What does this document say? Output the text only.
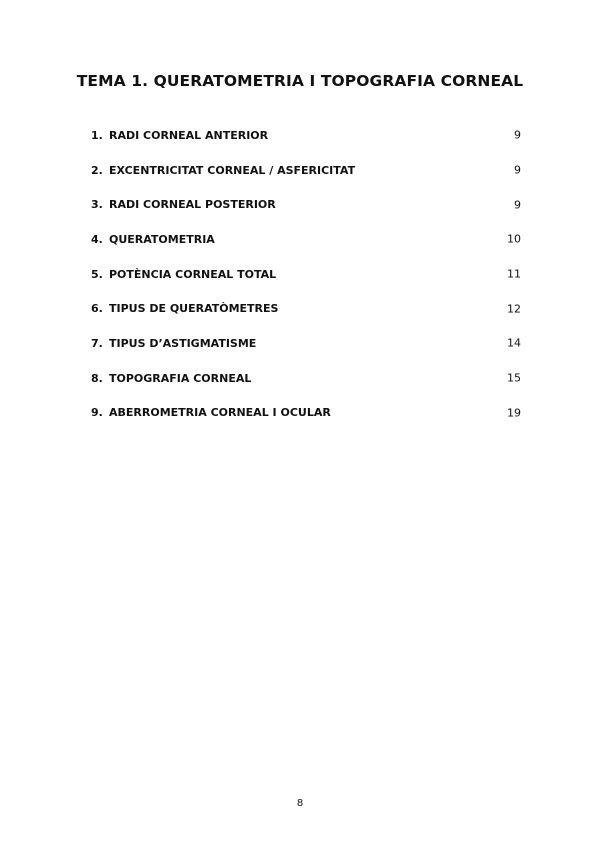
TEMA 1. QUERATOMETRIA I TOPOGRAFIA CORNEAL
1. RADI CORNEAL ANTERIOR	9
2. EXCENTRICITAT CORNEAL / ASFERICITAT	9
3. RADI CORNEAL POSTERIOR	9
4. QUERATOMETRIA	10
5. POTÈNCIA CORNEAL TOTAL	11
6. TIPUS DE QUERATÒMETRES	12
7. TIPUS D’ASTIGMATISME	14
8. TOPOGRAFIA CORNEAL	15
9. ABERROMETRIA CORNEAL I OCULAR	19
8
